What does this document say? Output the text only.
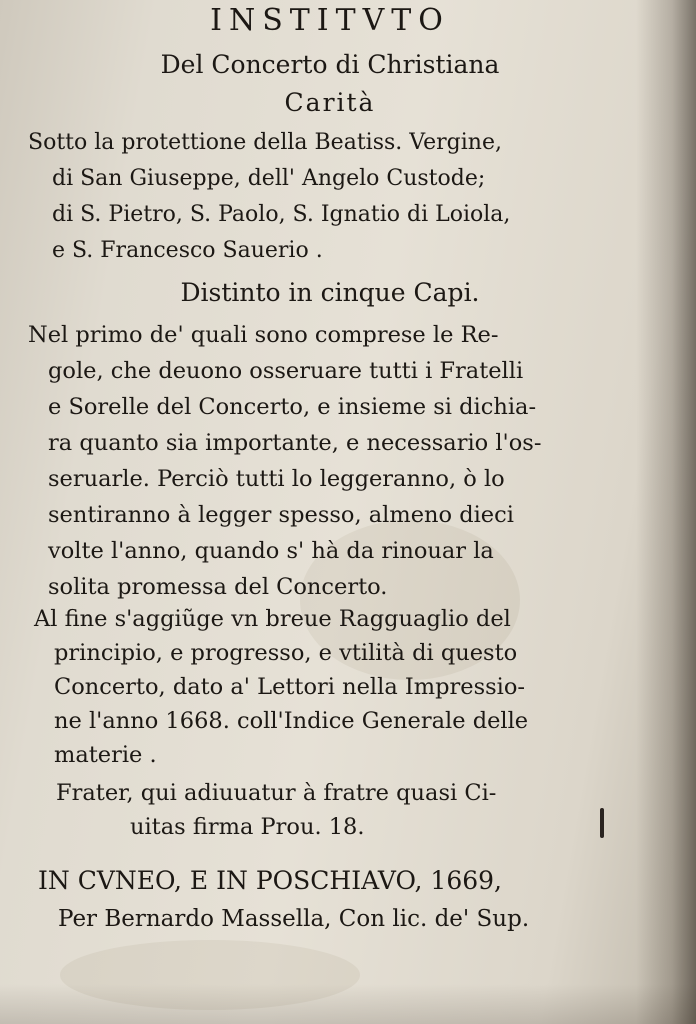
INSTITVTO
Del Concerto di Christiana
Carità
Sotto la protettione della Beatiss. Vergine,
di San Giuseppe, dell' Angelo Custode;
di S. Pietro, S. Paolo, S. Ignatio di Loiola,
e S. Francesco Sauerio .
Distinto in cinque Capi.
Nel primo de' quali sono comprese le Re-
gole, che deuono osseruare tutti i Fratelli
e Sorelle del Concerto, e insieme si dichia-
ra quanto sia importante, e necessario l'os-
seruarle. Perciò tutti lo leggeranno, ò lo
sentiranno à legger spesso, almeno dieci
volte l'anno, quando s' hà da rinouar la
solita promessa del Concerto.
Al fine s'aggiũge vn breue Ragguaglio del
principio, e progresso, e vtilità di questo
Concerto, dato a' Lettori nella Impressio-
ne l'anno 1668. coll'Indice Generale delle
materie .
Frater, qui adiuuatur à fratre quasi Ci-
uitas firma Prou. 18.
IN CVNEO, E IN POSCHIAVO, 1669,
Per Bernardo Massella, Con lic. de' Sup.
